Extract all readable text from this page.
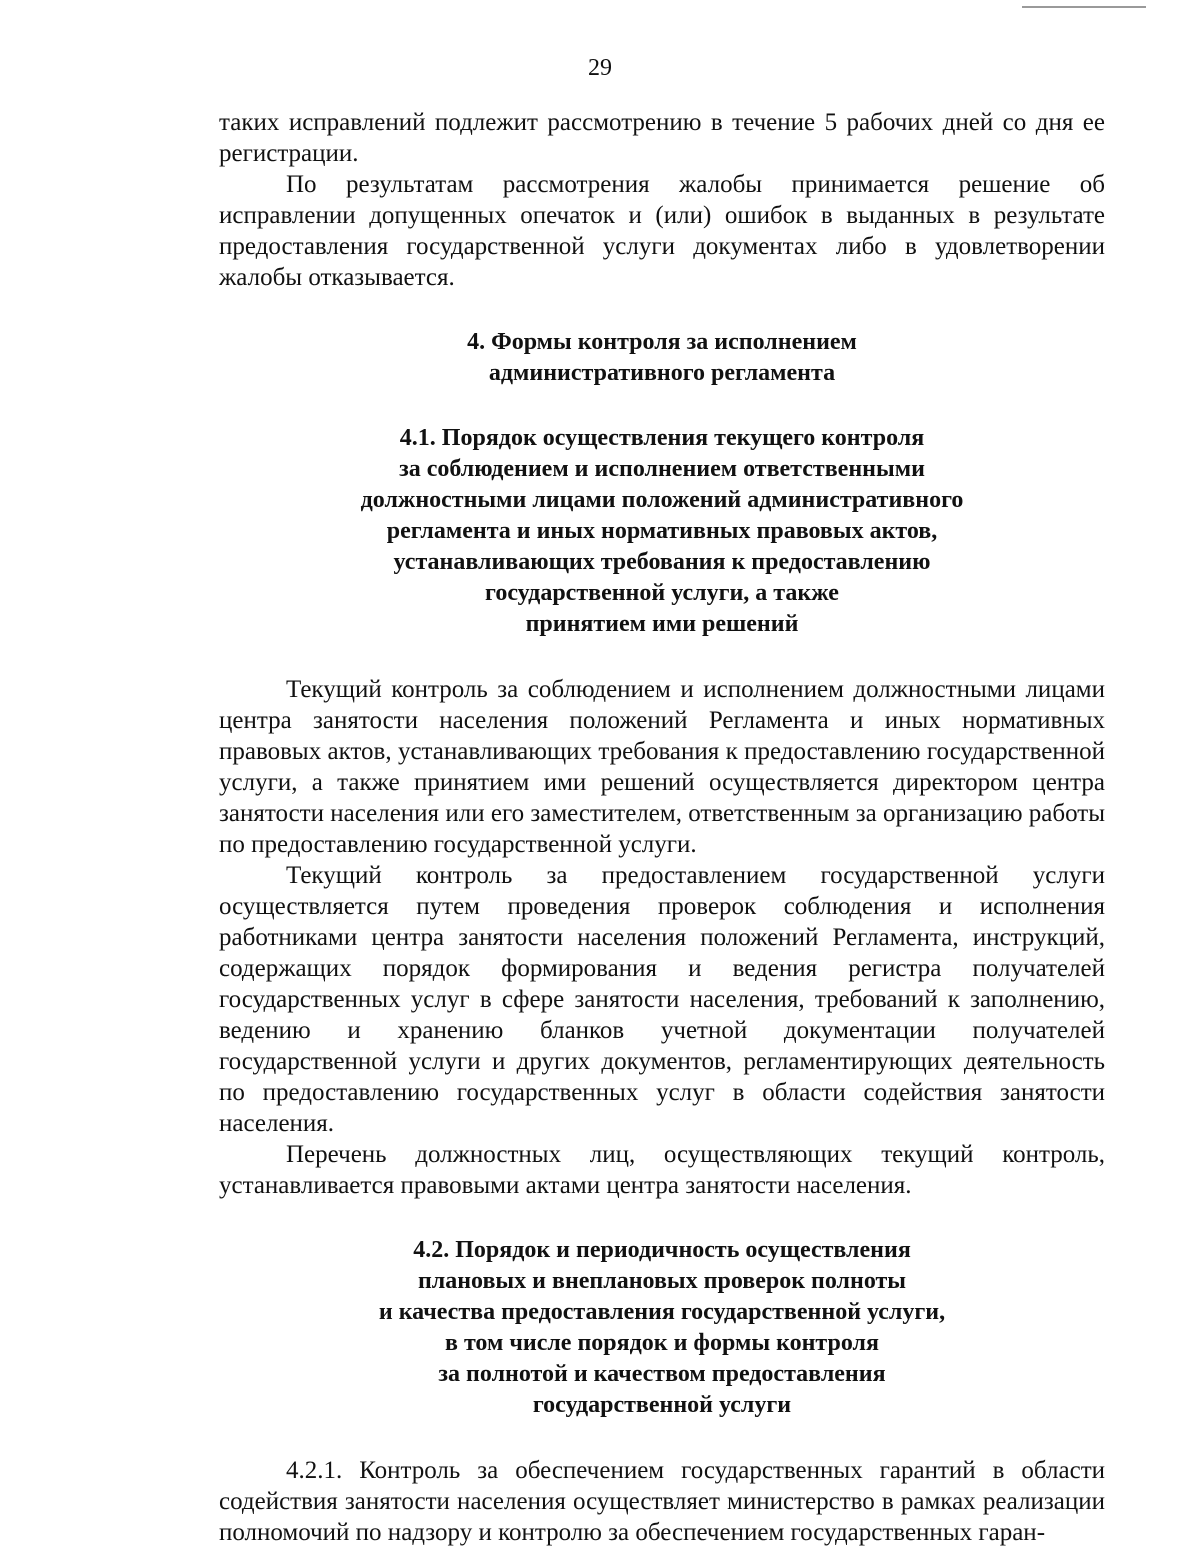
29

таких исправлений подлежит рассмотрению в течение 5 рабочих дней со дня ее регистрации.

По результатам рассмотрения жалобы принимается решение об исправлении допущенных опечаток и (или) ошибок в выданных в результате предоставления государственной услуги документах либо в удовлетворении жалобы отказывается.

4. Формы контроля за исполнением
административного регламента
4.1. Порядок осуществления текущего контроля
за соблюдением и исполнением ответственными
должностными лицами положений административного
регламента и иных нормативных правовых актов,
устанавливающих требования к предоставлению
государственной услуги, а также
принятием ими решений

Текущий контроль за соблюдением и исполнением должностными лицами центра занятости населения положений Регламента и иных нормативных правовых актов, устанавливающих требования к предоставлению государственной услуги, а также принятием ими решений осуществляется директором центра занятости населения или его заместителем, ответственным за организацию работы по предоставлению государственной услуги.

Текущий контроль за предоставлением государственной услуги осуществляется путем проведения проверок соблюдения и исполнения работниками центра занятости населения положений Регламента, инструкций, содержащих порядок формирования и ведения регистра получателей государственных услуг в сфере занятости населения, требований к заполнению, ведению и хранению бланков учетной документации получателей государственной услуги и других документов, регламентирующих деятельность по предоставлению государственных услуг в области содействия занятости населения.

Перечень должностных лиц, осуществляющих текущий контроль, устанавливается правовыми актами центра занятости населения.

4.2. Порядок и периодичность осуществления
плановых и внеплановых проверок полноты
и качества предоставления государственной услуги,
в том числе порядок и формы контроля
за полнотой и качеством предоставления
государственной услуги

4.2.1. Контроль за обеспечением государственных гарантий в области содействия занятости населения осуществляет министерство в рамках реализации полномочий по надзору и контролю за обеспечением государственных гаран-
